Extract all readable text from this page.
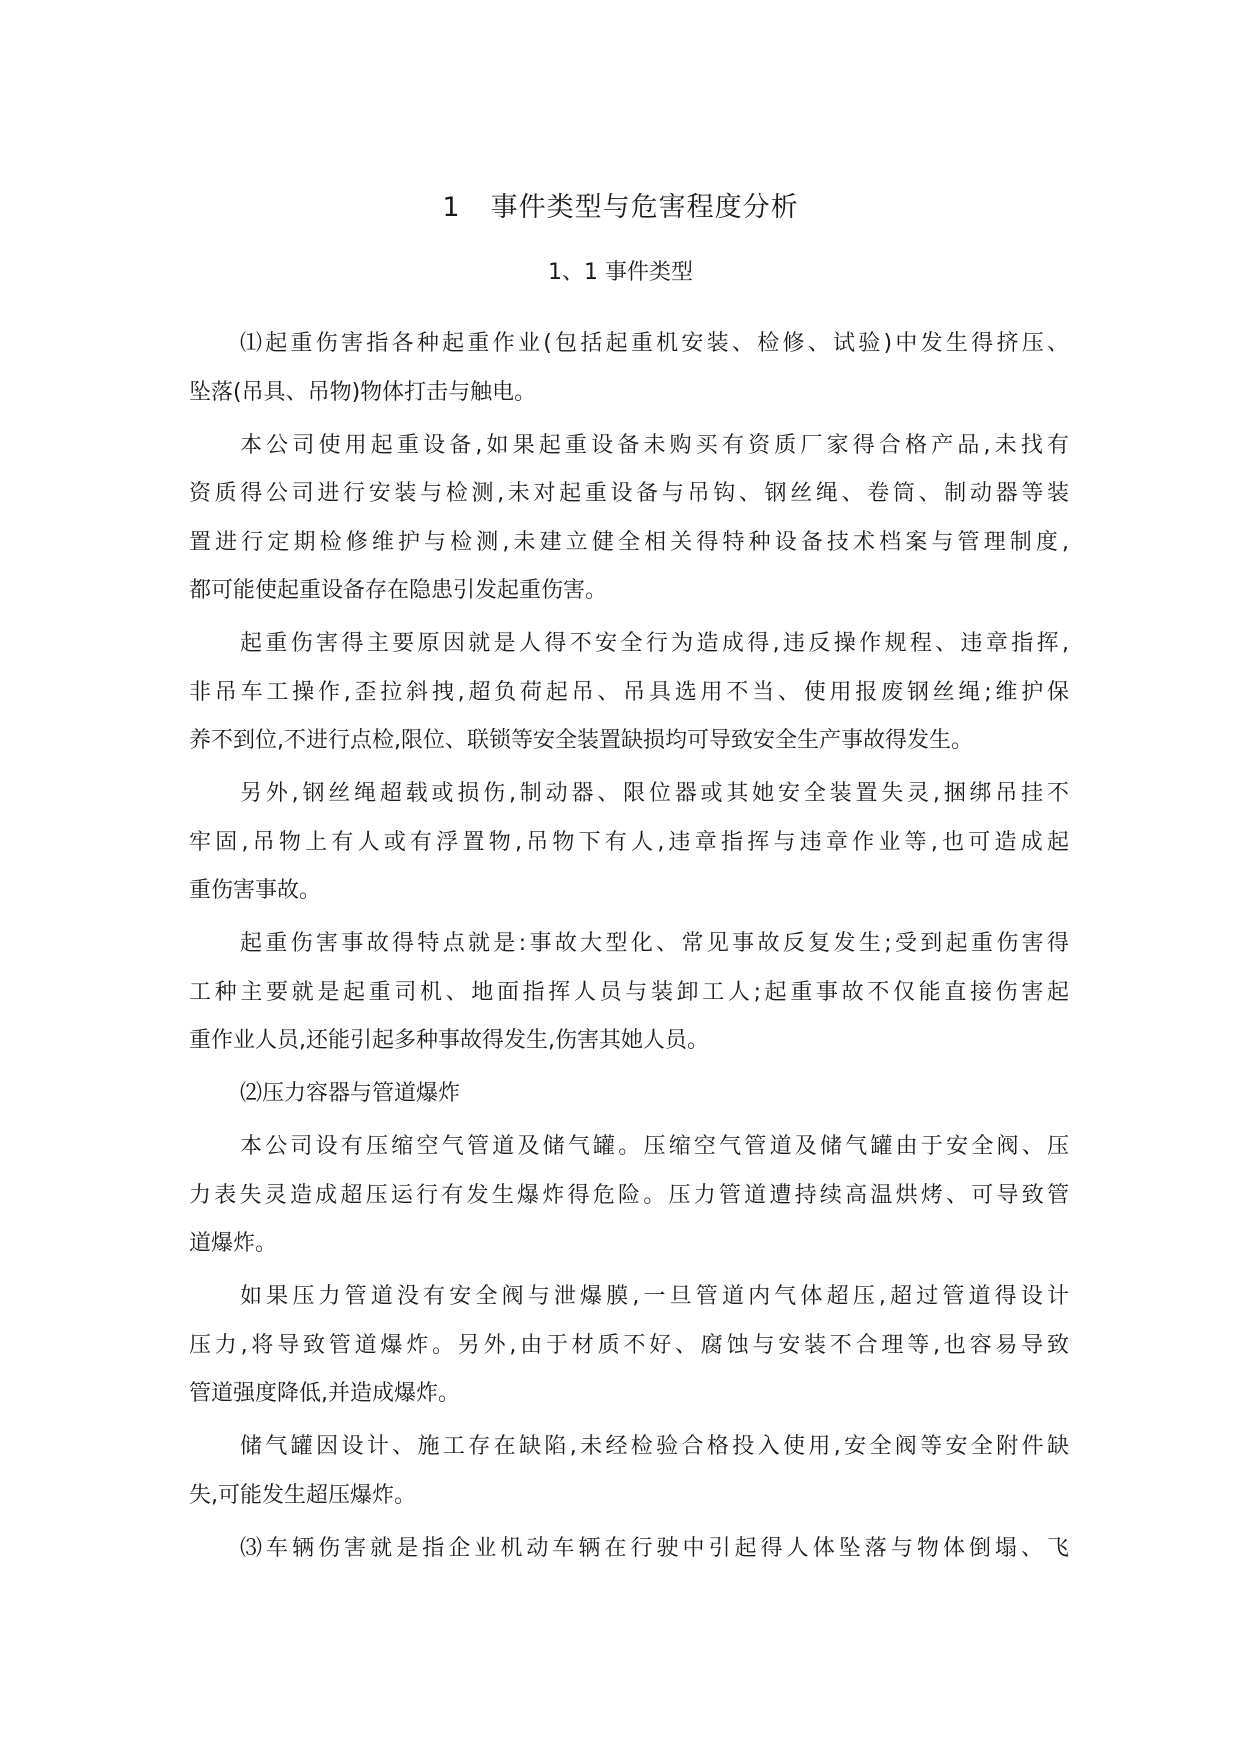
1 事件类型与危害程度分析
1、1 事件类型
⑴起重伤害指各种起重作业(包括起重机安装、检修、试验)中发生得挤压、
坠落(吊具、吊物)物体打击与触电。
本公司使用起重设备,如果起重设备未购买有资质厂家得合格产品,未找有
资质得公司进行安装与检测,未对起重设备与吊钩、钢丝绳、卷筒、制动器等装
置进行定期检修维护与检测,未建立健全相关得特种设备技术档案与管理制度,
都可能使起重设备存在隐患引发起重伤害。
起重伤害得主要原因就是人得不安全行为造成得,违反操作规程、违章指挥,
非吊车工操作,歪拉斜拽,超负荷起吊、吊具选用不当、使用报废钢丝绳;维护保
养不到位,不进行点检,限位、联锁等安全装置缺损均可导致安全生产事故得发生。
另外,钢丝绳超载或损伤,制动器、限位器或其她安全装置失灵,捆绑吊挂不
牢固,吊物上有人或有浮置物,吊物下有人,违章指挥与违章作业等,也可造成起
重伤害事故。
起重伤害事故得特点就是:事故大型化、常见事故反复发生;受到起重伤害得
工种主要就是起重司机、地面指挥人员与装卸工人;起重事故不仅能直接伤害起
重作业人员,还能引起多种事故得发生,伤害其她人员。
⑵压力容器与管道爆炸
本公司设有压缩空气管道及储气罐。压缩空气管道及储气罐由于安全阀、压
力表失灵造成超压运行有发生爆炸得危险。压力管道遭持续高温烘烤、可导致管
道爆炸。
如果压力管道没有安全阀与泄爆膜,一旦管道内气体超压,超过管道得设计
压力,将导致管道爆炸。另外,由于材质不好、腐蚀与安装不合理等,也容易导致
管道强度降低,并造成爆炸。
储气罐因设计、施工存在缺陷,未经检验合格投入使用,安全阀等安全附件缺
失,可能发生超压爆炸。
⑶车辆伤害就是指企业机动车辆在行驶中引起得人体坠落与物体倒塌、飞
